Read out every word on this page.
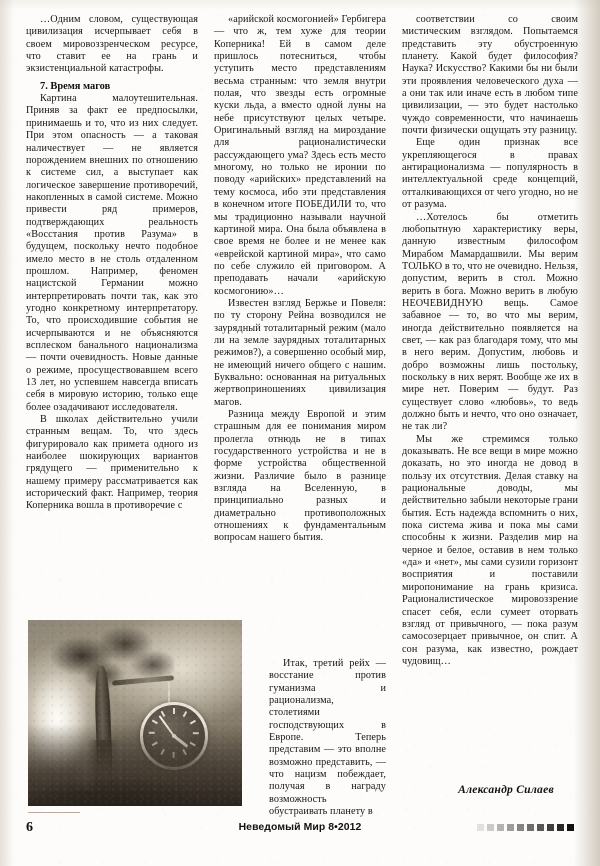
…Одним словом, существующая цивилизация исчерпывает себя в своем мировоззренческом ресурсе, что ставит ее на грань и экзистенциальной катастрофы.

7. Время магов

Картина малоутешительная. Приняв за факт ее предпосылки, принимаешь и то, что из них следует. При этом опасность — а таковая наличествует — не является порождением внешних по отношению к системе сил, а выступает как логическое завершение противоречий, накопленных в самой системе. Можно привести ряд примеров, подтверждающих реальность «Восстания против Разума» в будущем, поскольку нечто подобное имело место в не столь отдаленном прошлом. Например, феномен нацистской Германии можно интерпретировать почти так, как это угодно конкретному интерпретатору. То, что происходившие события не исчерпываются и не объясняются всплеском банального национализма — почти очевидность. Новые данные о режиме, просуществовавшем всего 13 лет, но успевшем навсегда вписать себя в мировую историю, только еще более озадачивают исследователя.

В школах действительно учили странным вещам. То, что здесь фигурировало как примета одного из наиболее шокирующих вариантов грядущего — применительно к нашему примеру рассматривается как исторический факт. Например, теория Коперника вошла в противоречие с

«арийской космогонией» Гербигера — что ж, тем хуже для теории Коперника! Ей в самом деле пришлось потесниться, чтобы уступить место представлениям весьма странным: что земля внутри полая, что звезды есть огромные куски льда, а вместо одной луны на небе присутствуют целых четыре. Оригинальный взгляд на мироздание для рационалистически рассуждающего ума? Здесь есть место многому, но только не иронии по поводу «арийских» представлений на тему космоса, ибо эти представления в конечном итоге ПОБЕДИЛИ то, что мы традиционно называли научной картиной мира. Она была объявлена в свое время не более и не менее как «еврейской картиной мира», что само по себе служило ей приговором. А преподавать начали «арийскую космогонию»…

Известен взгляд Бержье и Повеля: по ту сторону Рейна возводился не заурядный тоталитарный режим (мало ли на земле заурядных тоталитарных режимов?), а совершенно особый мир, не имеющий ничего общего с нашим. Буквально: основанная на ритуальных жертвоприношениях цивилизация магов.

Разница между Европой и этим страшным для ее понимания миром пролегла отнюдь не в типах государственного устройства и не в форме устройства общественной жизни. Различие было в разнице взгляда на Вселенную, в принципиально разных и диаметрально противоположных отношениях к фундаментальным вопросам нашего бытия.

Итак, третий рейх — восстание против гуманизма и рационализма, столетиями господствующих в Европе. Теперь представим — это вполне возможно представить, — что нацизм побеждает, получая в награду возможность обустраивать планету в

соответствии со своим мистическим взглядом. Попытаемся представить эту обустроенную планету. Какой будет философия? Наука? Искусство? Какими бы ни были эти проявления человеческого духа — а они так или иначе есть в любом типе цивилизации, — это будет настолько чуждо современности, что начинаешь почти физически ощущать эту разницу.

Еще один признак все укрепляющегося в правах антирационализма — популярность в интеллектуальной среде концепций, отталкивающихся от чего угодно, но не от разума.

…Хотелось бы отметить любопытную характеристику веры, данную известным философом Мирабом Мамардашвили. Мы верим ТОЛЬКО в то, что не очевидно. Нельзя, допустим, верить в стол. Можно верить в бога. Можно верить в любую НЕОЧЕВИДНУЮ вещь. Самое забавное — то, во что мы верим, иногда действительно появляется на свет, — как раз благодаря тому, что мы в него верим. Допустим, любовь и добро возможны лишь постольку, поскольку в них верят. Вообще же их в мире нет. Поверим — будут. Раз существует слово «любовь», то ведь должно быть и нечто, что оно означает, не так ли?

Мы же стремимся только доказывать. Не все вещи в мире можно доказать, но это иногда не довод в пользу их отсутствия. Делая ставку на рациональные доводы, мы действительно забыли некоторые грани бытия. Есть надежда вспомнить о них, пока система жива и пока мы сами способны к жизни. Разделив мир на черное и белое, оставив в нем только «да» и «нет», мы сами сузили горизонт восприятия и поставили миропонимание на грань кризиса. Рационалистическое мировоззрение спасет себя, если сумеет оторвать взгляд от привычного, — пока разум самосозерцает привычное, он спит. А сон разума, как известно, рождает чудовищ…

Александр Силаев
6	Неведомый Мир 8•2012
